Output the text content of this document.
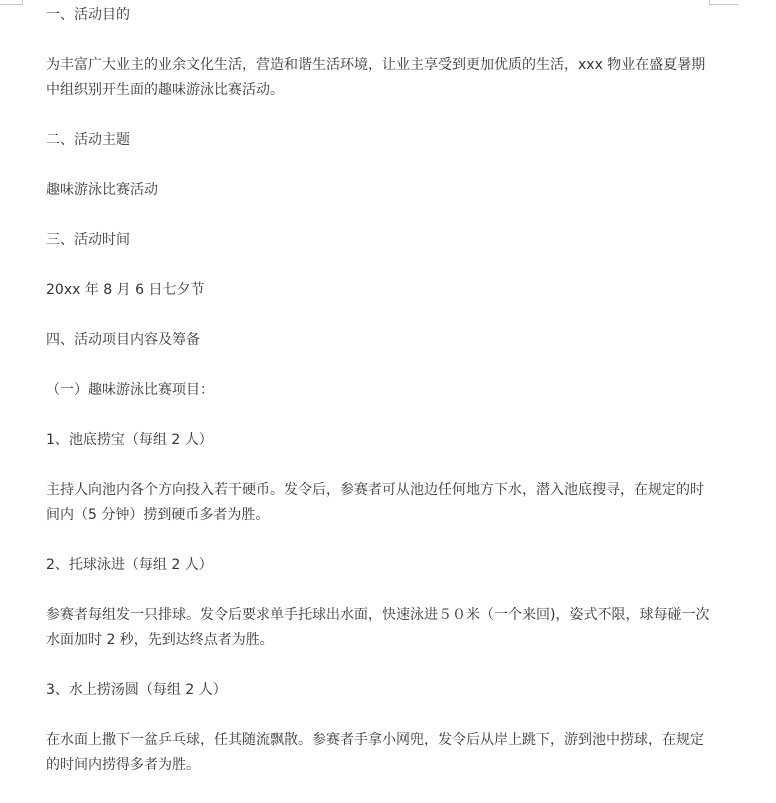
一、活动目的

为丰富广大业主的业余文化生活，营造和谐生活环境，让业主享受到更加优质的生活，xxx 物业在盛夏暑期中组织别开生面的趣味游泳比赛活动。

二、活动主题

趣味游泳比赛活动

三、活动时间

20xx 年 8 月 6 日七夕节

四、活动项目内容及筹备

（一）趣味游泳比赛项目：

1、池底捞宝（每组 2 人）

主持人向池内各个方向投入若干硬币。发令后，参赛者可从池边任何地方下水，潜入池底搜寻，在规定的时间内（5 分钟）捞到硬币多者为胜。

2、托球泳进（每组 2 人）

参赛者每组发一只排球。发令后要求单手托球出水面，快速泳进５０米（一个来回)，姿式不限，球每碰一次水面加时 2 秒，先到达终点者为胜。

3、水上捞汤圆（每组 2 人）

在水面上撒下一盆乒乓球，任其随流飘散。参赛者手拿小网兜，发令后从岸上跳下，游到池中捞球，在规定的时间内捞得多者为胜。
